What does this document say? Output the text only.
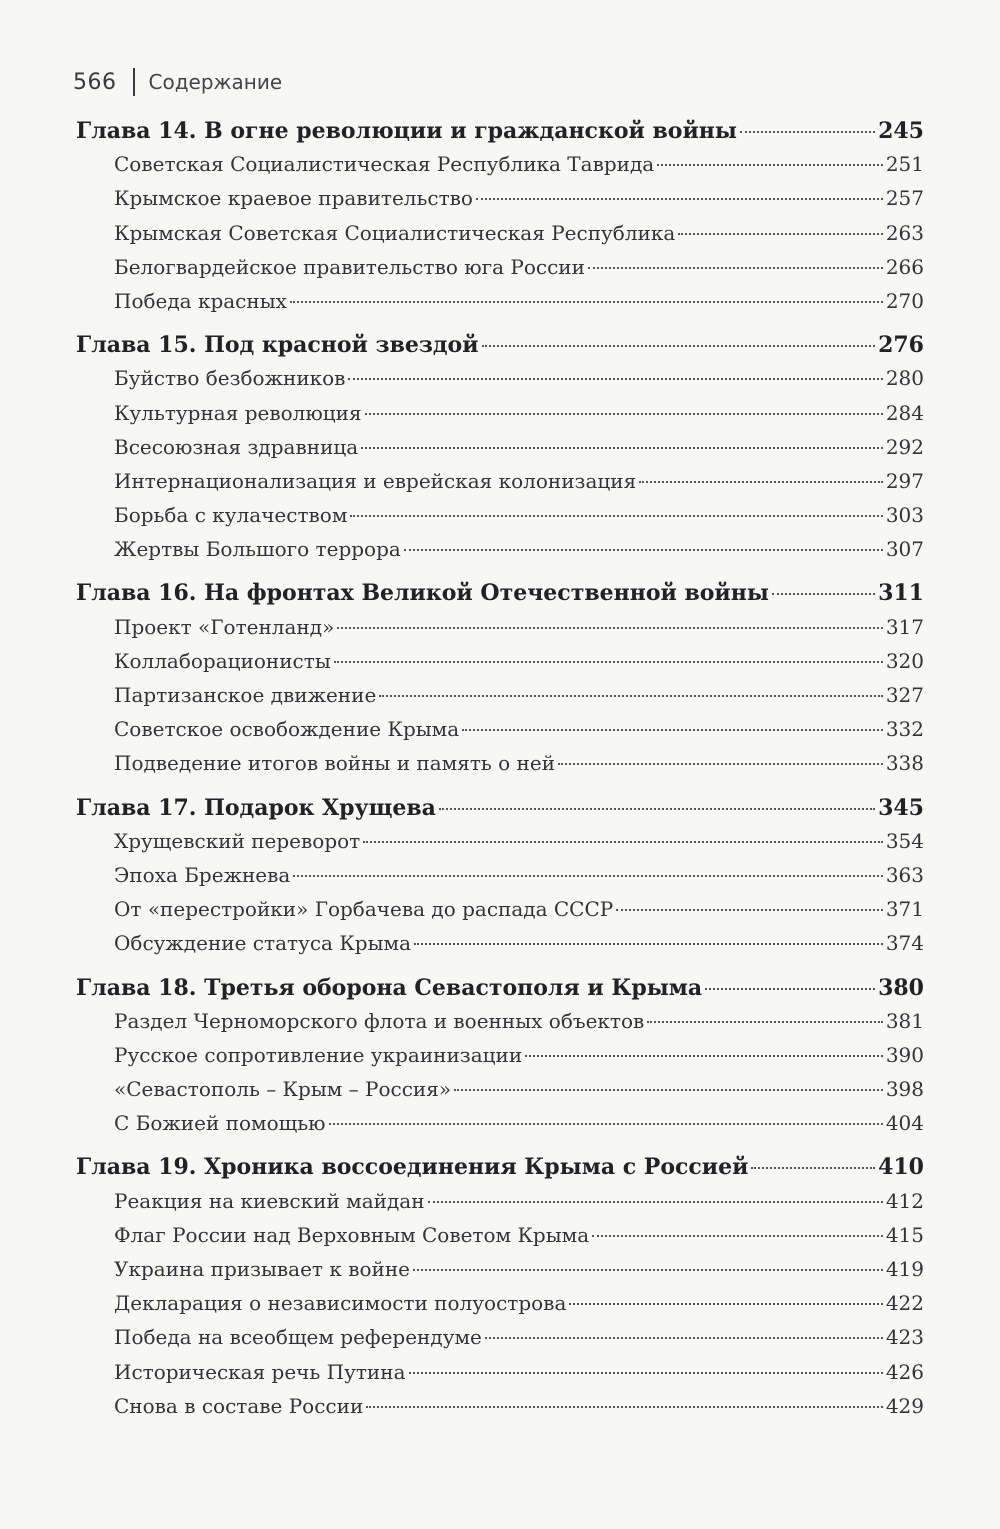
566 Содержание
Глава 14. В огне революции и гражданской войны	245
Советская Социалистическая Республика Таврида	251
Крымское краевое правительство	257
Крымская Советская Социалистическая Республика	263
Белогвардейское правительство юга России	266
Победа красных	270
Глава 15. Под красной звездой	276
Буйство безбожников	280
Культурная революция	284
Всесоюзная здравница	292
Интернационализация и еврейская колонизация	297
Борьба с кулачеством	303
Жертвы Большого террора	307
Глава 16. На фронтах Великой Отечественной войны	311
Проект «Готенланд»	317
Коллаборационисты	320
Партизанское движение	327
Советское освобождение Крыма	332
Подведение итогов войны и память о ней	338
Глава 17. Подарок Хрущева	345
Хрущевский переворот	354
Эпоха Брежнева	363
От «перестройки» Горбачева до распада СССР	371
Обсуждение статуса Крыма	374
Глава 18. Третья оборона Севастополя и Крыма	380
Раздел Черноморского флота и военных объектов	381
Русское сопротивление украинизации	390
«Севастополь – Крым – Россия»	398
С Божией помощью	404
Глава 19. Хроника воссоединения Крыма с Россией	410
Реакция на киевский майдан	412
Флаг России над Верховным Советом Крыма	415
Украина призывает к войне	419
Декларация о независимости полуострова	422
Победа на всеобщем референдуме	423
Историческая речь Путина	426
Снова в составе России	429
